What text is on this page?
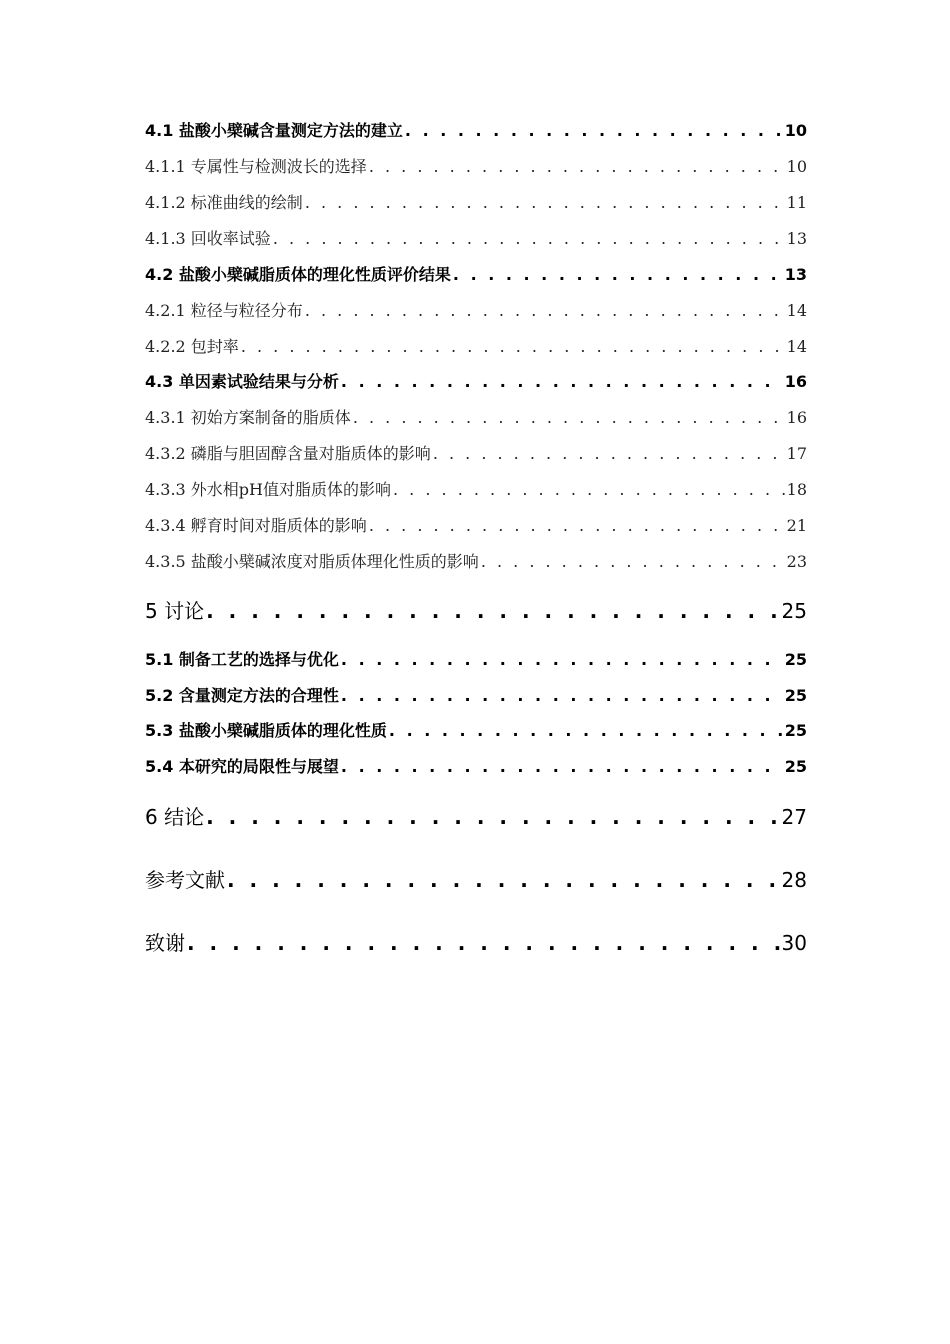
4.1 盐酸小檗碱含量测定方法的建立 . . .	10
4.1.1 专属性与检测波长的选择 . . .	10
4.1.2 标准曲线的绘制 . . .	11
4.1.3 回收率试验 . . .	13
4.2 盐酸小檗碱脂质体的理化性质评价结果 . . .	13
4.2.1 粒径与粒径分布 . . .	14
4.2.2 包封率 . . .	14
4.3 单因素试验结果与分析 . . .	16
4.3.1 初始方案制备的脂质体 . . .	16
4.3.2 磷脂与胆固醇含量对脂质体的影响 . . .	17
4.3.3 外水相pH值对脂质体的影响 . . .	18
4.3.4 孵育时间对脂质体的影响 . . .	21
4.3.5 盐酸小檗碱浓度对脂质体理化性质的影响 . . .	23
5 讨论 . . .	25
5.1 制备工艺的选择与优化 . . .	25
5.2 含量测定方法的合理性 . . .	25
5.3 盐酸小檗碱脂质体的理化性质 . . .	25
5.4 本研究的局限性与展望 . . .	25
6 结论 . . .	27
参考文献 . . .	28
致谢 . . .	30
